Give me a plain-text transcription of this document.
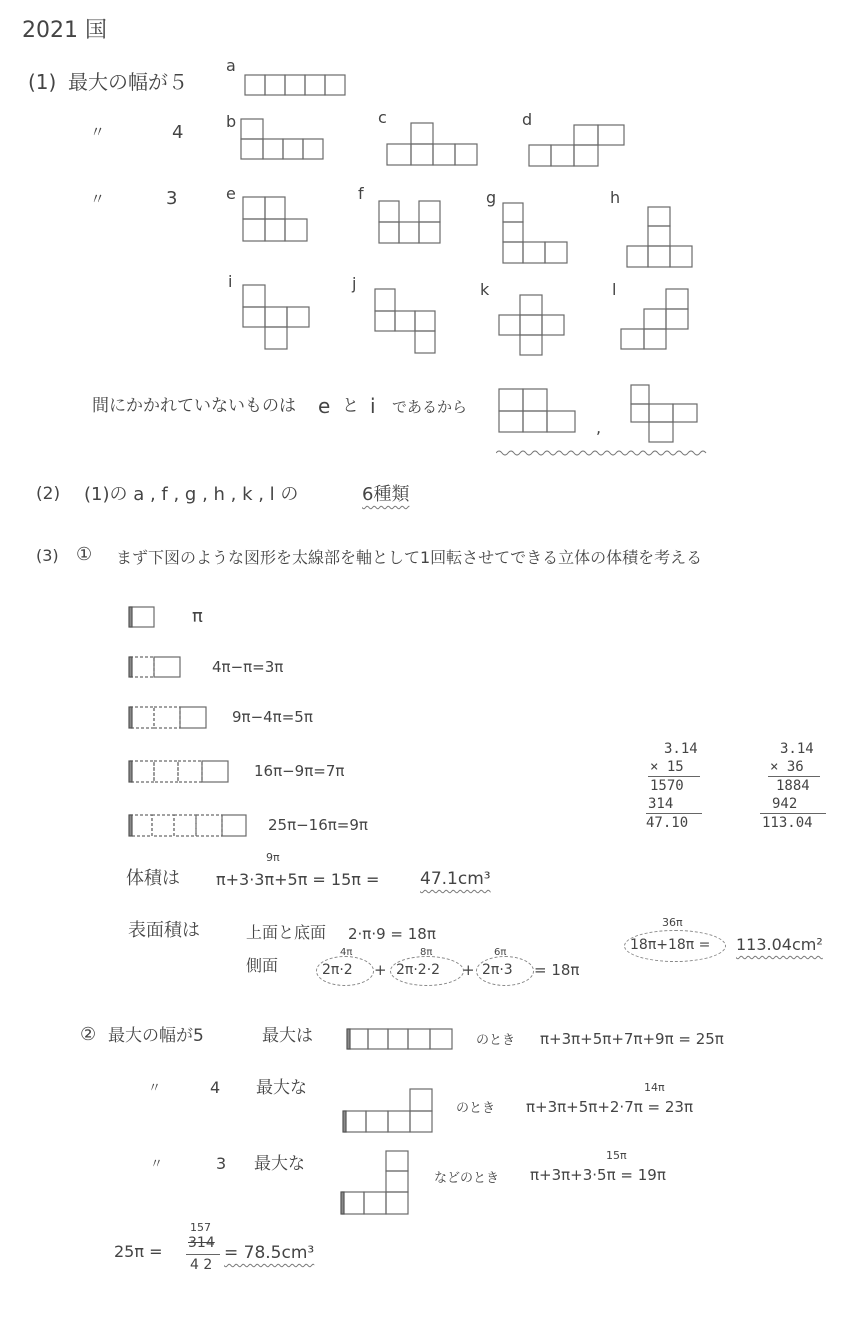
2021 国
(1) 最大の幅が５
〃	4
〃	3
a
b	c	d
e	f	g	h
i	j	k	l
間にかかれていないものは e と i であるから
,
(2) (1)の a , f , g , h , k , l の	6種類
(3) ① まず下図のような図形を太線部を軸として1回転させてできる立体の体積を考える
π
4π−π=3π
9π−4π=5π
16π−9π=7π
25π−16π=9π
3.14
× 15
1570
314
47.10
3.14
× 36
1884
942
113.04
9π
体積は π+3·3π+5π = 15π = 47.1cm³
表面積は	上面と底面 2·π·9 = 18π
4π	8π	6π
側面	2π·2 + 2π·2·2 + 2π·3 = 18π
36π
18π+18π = 113.04cm²
② 最大の幅が5	最大は	のとき π+3π+5π+7π+9π = 25π
〃	4 最大な
のとき
14π
π+3π+5π+2·7π = 23π
〃	3 最大な
などのとき
15π
π+3π+3·5π = 19π
25π =
157
314
4 2
= 78.5cm³
